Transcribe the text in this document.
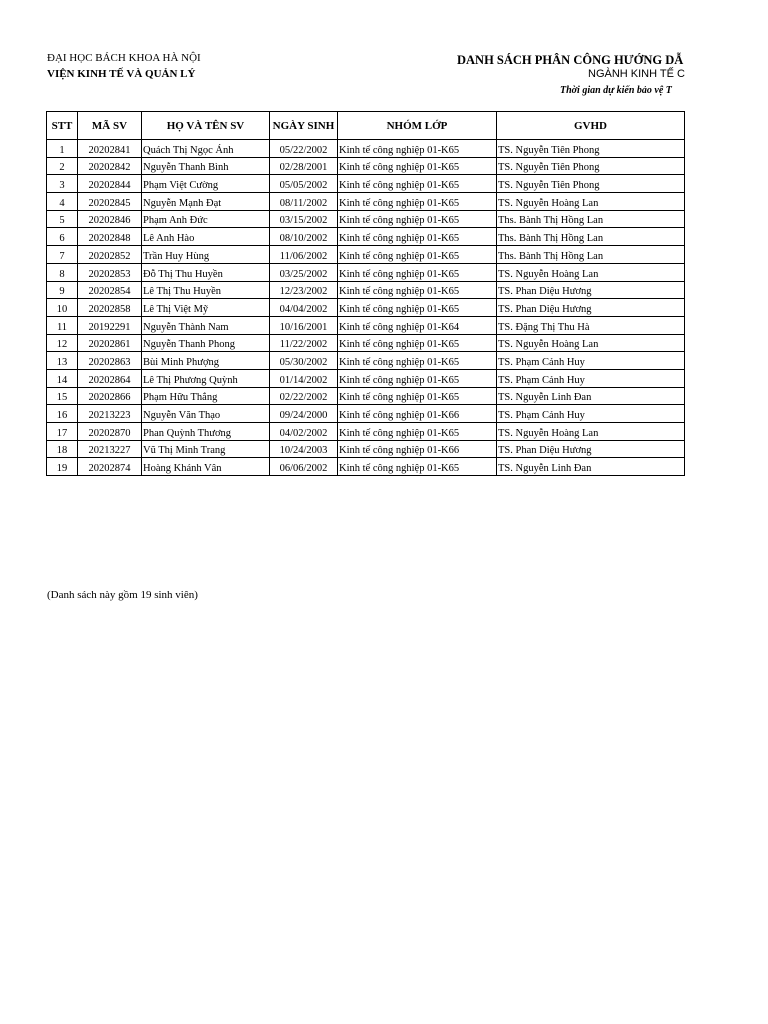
ĐẠI HỌC BÁCH KHOA HÀ NỘI
VIỆN KINH TẾ VÀ QUẢN LÝ
DANH SÁCH PHÂN CÔNG HƯỚNG DẪ
NGÀNH KINH TẾ C
Thời gian dự kiến bảo vệ T
STT	MÃ SV	HỌ VÀ TÊN SV	NGÀY SINH	NHÓM LỚP	GVHD
1	20202841	Quách Thị Ngọc Ánh	05/22/2002	Kinh tế công nghiệp 01-K65	TS. Nguyễn Tiên Phong
2	20202842	Nguyễn Thanh Bình	02/28/2001	Kinh tế công nghiệp 01-K65	TS. Nguyễn Tiên Phong
3	20202844	Phạm Việt Cường	05/05/2002	Kinh tế công nghiệp 01-K65	TS. Nguyễn Tiên Phong
4	20202845	Nguyễn Mạnh Đạt	08/11/2002	Kinh tế công nghiệp 01-K65	TS. Nguyễn Hoàng Lan
5	20202846	Phạm Anh Đức	03/15/2002	Kinh tế công nghiệp 01-K65	Ths. Bành Thị Hồng Lan
6	20202848	Lê Anh Hào	08/10/2002	Kinh tế công nghiệp 01-K65	Ths. Bành Thị Hồng Lan
7	20202852	Trần Huy Hùng	11/06/2002	Kinh tế công nghiệp 01-K65	Ths. Bành Thị Hồng Lan
8	20202853	Đỗ Thị Thu Huyền	03/25/2002	Kinh tế công nghiệp 01-K65	TS. Nguyễn Hoàng Lan
9	20202854	Lê Thị Thu Huyền	12/23/2002	Kinh tế công nghiệp 01-K65	TS. Phan Diệu Hương
10	20202858	Lê Thị Việt Mỹ	04/04/2002	Kinh tế công nghiệp 01-K65	TS. Phan Diệu Hương
11	20192291	Nguyễn Thành Nam	10/16/2001	Kinh tế công nghiệp 01-K64	TS. Đặng Thị Thu Hà
12	20202861	Nguyễn Thanh Phong	11/22/2002	Kinh tế công nghiệp 01-K65	TS. Nguyễn Hoàng Lan
13	20202863	Bùi Minh Phượng	05/30/2002	Kinh tế công nghiệp 01-K65	TS. Phạm Cảnh Huy
14	20202864	Lê Thị Phương Quỳnh	01/14/2002	Kinh tế công nghiệp 01-K65	TS. Phạm Cảnh Huy
15	20202866	Phạm Hữu Thắng	02/22/2002	Kinh tế công nghiệp 01-K65	TS. Nguyễn Linh Đan
16	20213223	Nguyễn Văn Thạo	09/24/2000	Kinh tế công nghiệp 01-K66	TS. Phạm Cảnh Huy
17	20202870	Phan Quỳnh Thương	04/02/2002	Kinh tế công nghiệp 01-K65	TS. Nguyễn Hoàng Lan
18	20213227	Vũ Thị Minh Trang	10/24/2003	Kinh tế công nghiệp 01-K66	TS. Phan Diệu Hương
19	20202874	Hoàng Khánh Vân	06/06/2002	Kinh tế công nghiệp 01-K65	TS. Nguyễn Linh Đan
(Danh sách này gồm 19 sinh viên)
